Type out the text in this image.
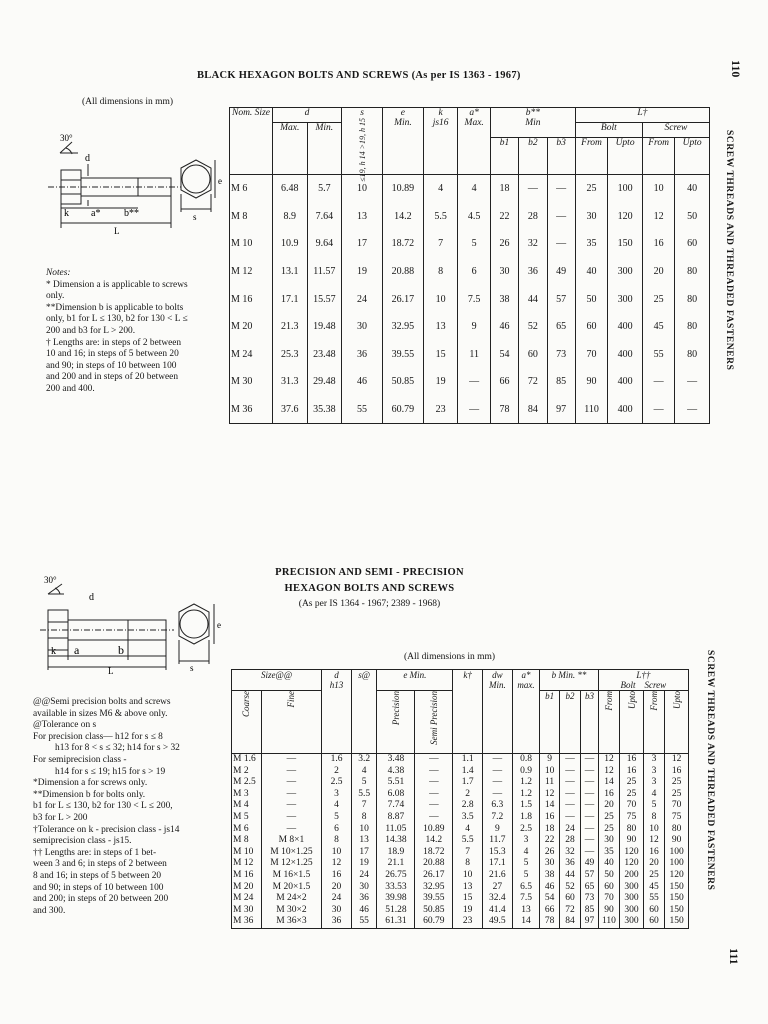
110
SCREW THREADS AND THREADED FASTENERS
SCREW THREADS AND THREADED FASTENERS
111
BLACK HEXAGON BOLTS AND SCREWS (As per IS 1363 - 1967)
(All dimensions in mm)
30°
d
k a* b**
L
s
e
Notes:
* Dimension a is applicable to screws
only.
**Dimension b is applicable to bolts
only, b1 for L ≤ 130, b2 for 130 < L ≤
200 and b3 for L > 200.
† Lengths are: in steps of 2 between
10 and 16; in steps of 5 between 20
and 90; in steps of 10 between 100
and 200 and in steps of 20 between
200 and 400.
Nom. Size	d		s
≤19, h 14 >19, h 15	e
Min.	k
js16	a*
Max.	b**
Min			L†			
	Max.	Min.								Bolt		Screw	
							b1	b2	b3	From	Upto	From	Upto
M 6	6.48	5.7	10	10.89	4	4	18	—	—	25	100	10	40
M 8	8.9	7.64	13	14.2	5.5	4.5	22	28	—	30	120	12	50
M 10	10.9	9.64	17	18.72	7	5	26	32	—	35	150	16	60
M 12	13.1	11.57	19	20.88	8	6	30	36	49	40	300	20	80
M 16	17.1	15.57	24	26.17	10	7.5	38	44	57	50	300	25	80
M 20	21.3	19.48	30	32.95	13	9	46	52	65	60	400	45	80
M 24	25.3	23.48	36	39.55	15	11	54	60	73	70	400	55	80
M 30	31.3	29.48	46	50.85	19	—	66	72	85	90	400	—	—
M 36	37.6	35.38	55	60.79	23	—	78	84	97	110	400	—	—
PRECISION AND SEMI - PRECISION
HEXAGON BOLTS AND SCREWS
(As per IS 1364 - 1967; 2389 - 1968)
(All dimensions in mm)
30°
d
k a	b
L	s
e
@@Semi precision bolts and screws
available in sizes M6 & above only.
@Tolerance on s
For precision class— h12 for s ≤ 8
h13 for 8 < s ≤ 32; h14 for s > 32
For semiprecision class -
h14 for s ≤ 19; h15 for s > 19
*Dimension a for screws only.
**Dimension b for bolts only.
b1 for L ≤ 130, b2 for 130 < L ≤ 200,
b3 for L > 200
†Tolerance on k - precision class - js14
semiprecision class - js15.
†† Lengths are: in steps of 1 bet-
ween 3 and 6; in steps of 2 between
8 and 16; in steps of 5 between 20
and 90; in steps of 10 between 100
and 200; in steps of 20 between 200
and 300.
Size@@		d
h13	s@	e Min.		k†	dw Min.	a* max.	b Min. **			L††
Bolt Screw			
Coarse	Fine			Precision	Semi Precision				b1	b2	b3	From	Upto	From	Upto
M 1.6	—	1.6	3.2	3.48	—	1.1	—	0.8	9	—	—	12	16	3	12
M 2	—	2	4	4.38	—	1.4	—	0.9	10	—	—	12	16	3	16
M 2.5	—	2.5	5	5.51	—	1.7	—	1.2	11	—	—	14	25	3	25
M 3	—	3	5.5	6.08	—	2	—	1.2	12	—	—	16	25	4	25
M 4	—	4	7	7.74	—	2.8	6.3	1.5	14	—	—	20	70	5	70
M 5	—	5	8	8.87	—	3.5	7.2	1.8	16	—	—	25	75	8	75
M 6	—	6	10	11.05	10.89	4	9	2.5	18	24	—	25	80	10	80
M 8	M 8×1	8	13	14.38	14.2	5.5	11.7	3	22	28	—	30	90	12	90
M 10	M 10×1.25	10	17	18.9	18.72	7	15.3	4	26	32	—	35	120	16	100
M 12	M 12×1.25	12	19	21.1	20.88	8	17.1	5	30	36	49	40	120	20	100
M 16	M 16×1.5	16	24	26.75	26.17	10	21.6	5	38	44	57	50	200	25	120
M 20	M 20×1.5	20	30	33.53	32.95	13	27	6.5	46	52	65	60	300	45	150
M 24	M 24×2	24	36	39.98	39.55	15	32.4	7.5	54	60	73	70	300	55	150
M 30	M 30×2	30	46	51.28	50.85	19	41.4	13	66	72	85	90	300	60	150
M 36	M 36×3	36	55	61.31	60.79	23	49.5	14	78	84	97	110	300	60	150
